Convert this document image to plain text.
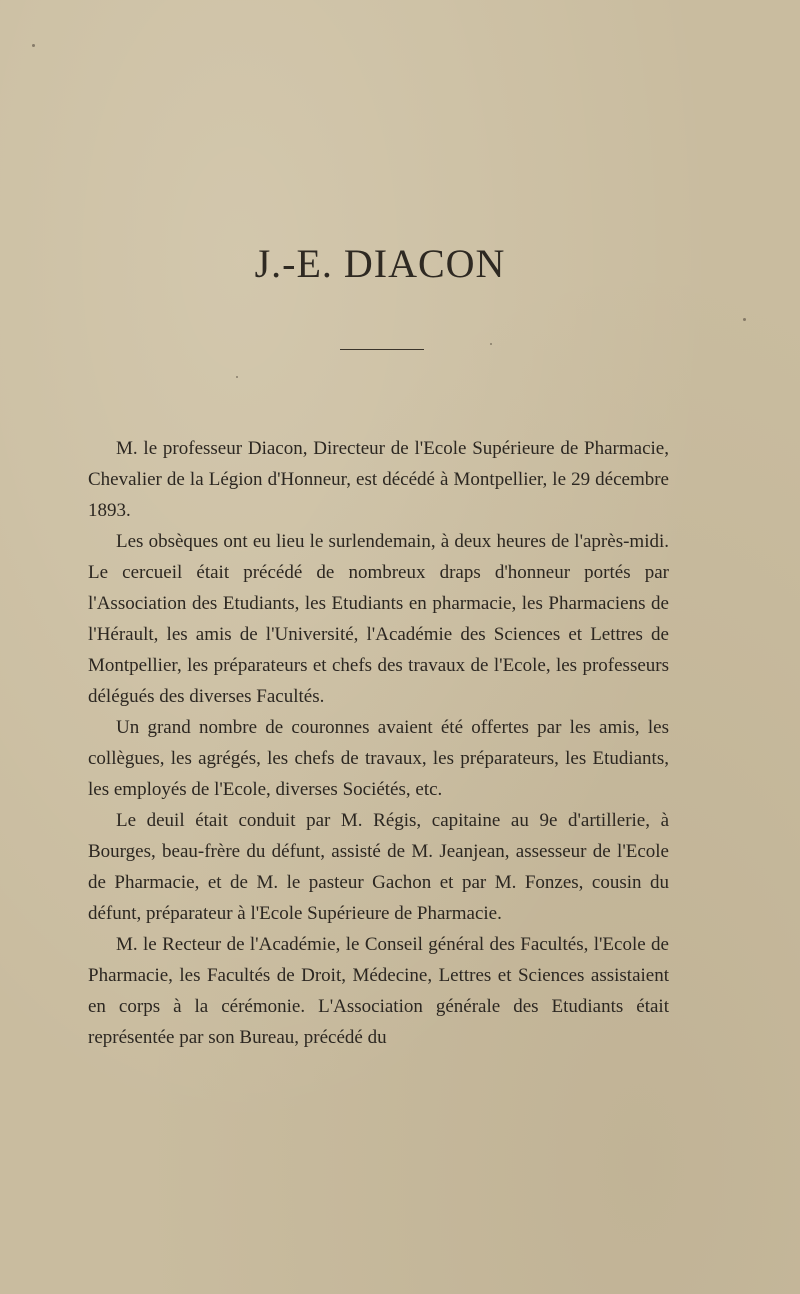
J.-E. DIACON

M. le professeur Diacon, Directeur de l'Ecole Supérieure de Pharmacie, Chevalier de la Légion d'Honneur, est décédé à Montpellier, le 29 décembre 1893.

Les obsèques ont eu lieu le surlendemain, à deux heures de l'après-midi. Le cercueil était précédé de nombreux draps d'honneur portés par l'Association des Etudiants, les Etudiants en pharmacie, les Pharmaciens de l'Hérault, les amis de l'Université, l'Académie des Sciences et Lettres de Montpellier, les préparateurs et chefs des travaux de l'Ecole, les professeurs délégués des diverses Facultés.

Un grand nombre de couronnes avaient été offertes par les amis, les collègues, les agrégés, les chefs de travaux, les préparateurs, les Etudiants, les employés de l'Ecole, diverses Sociétés, etc.

Le deuil était conduit par M. Régis, capitaine au 9e d'artillerie, à Bourges, beau-frère du défunt, assisté de M. Jeanjean, assesseur de l'Ecole de Pharmacie, et de M. le pasteur Gachon et par M. Fonzes, cousin du défunt, préparateur à l'Ecole Supérieure de Pharmacie.

M. le Recteur de l'Académie, le Conseil général des Facultés, l'Ecole de Pharmacie, les Facultés de Droit, Médecine, Lettres et Sciences assistaient en corps à la cérémonie. L'Association générale des Etudiants était représentée par son Bureau, précédé du
